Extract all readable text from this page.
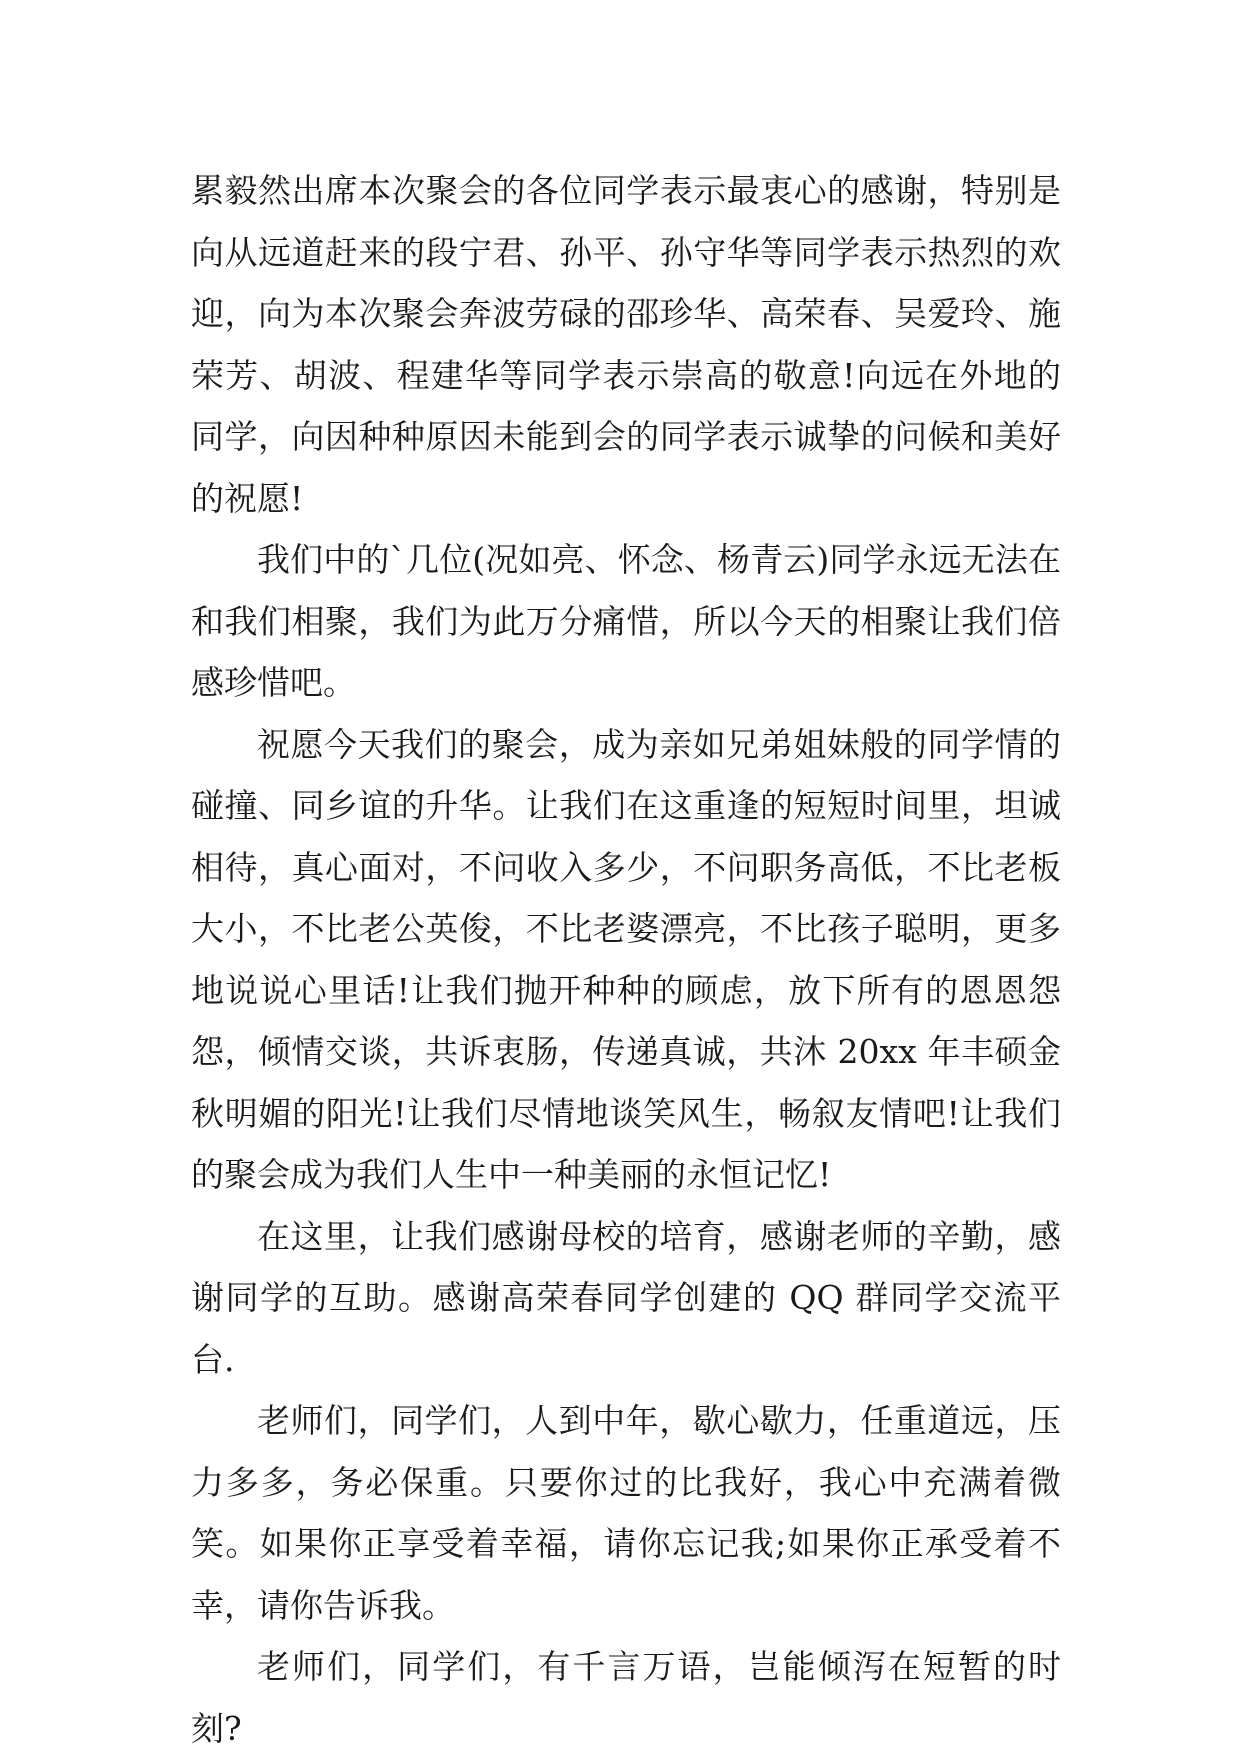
累毅然出席本次聚会的各位同学表示最衷心的感谢，特别是向从远道赶来的段宁君、孙平、孙守华等同学表示热烈的欢迎，向为本次聚会奔波劳碌的邵珍华、高荣春、吴爱玲、施荣芳、胡波、程建华等同学表示崇高的敬意!向远在外地的同学，向因种种原因未能到会的同学表示诚挚的问候和美好的祝愿!

我们中的`几位(况如亮、怀念、杨青云)同学永远无法在和我们相聚，我们为此万分痛惜，所以今天的相聚让我们倍感珍惜吧。

祝愿今天我们的聚会，成为亲如兄弟姐妹般的同学情的碰撞、同乡谊的升华。让我们在这重逢的短短时间里，坦诚相待，真心面对，不问收入多少，不问职务高低，不比老板大小，不比老公英俊，不比老婆漂亮，不比孩子聪明，更多地说说心里话!让我们抛开种种的顾虑，放下所有的恩恩怨怨，倾情交谈，共诉衷肠，传递真诚，共沐 20xx 年丰硕金秋明媚的阳光!让我们尽情地谈笑风生，畅叙友情吧!让我们的聚会成为我们人生中一种美丽的永恒记忆!

在这里，让我们感谢母校的培育，感谢老师的辛勤，感谢同学的互助。感谢高荣春同学创建的 QQ 群同学交流平台.

老师们，同学们，人到中年，歇心歇力，任重道远，压力多多，务必保重。只要你过的比我好，我心中充满着微笑。如果你正享受着幸福，请你忘记我;如果你正承受着不幸，请你告诉我。

老师们，同学们，有千言万语，岂能倾泻在短暂的时刻?
